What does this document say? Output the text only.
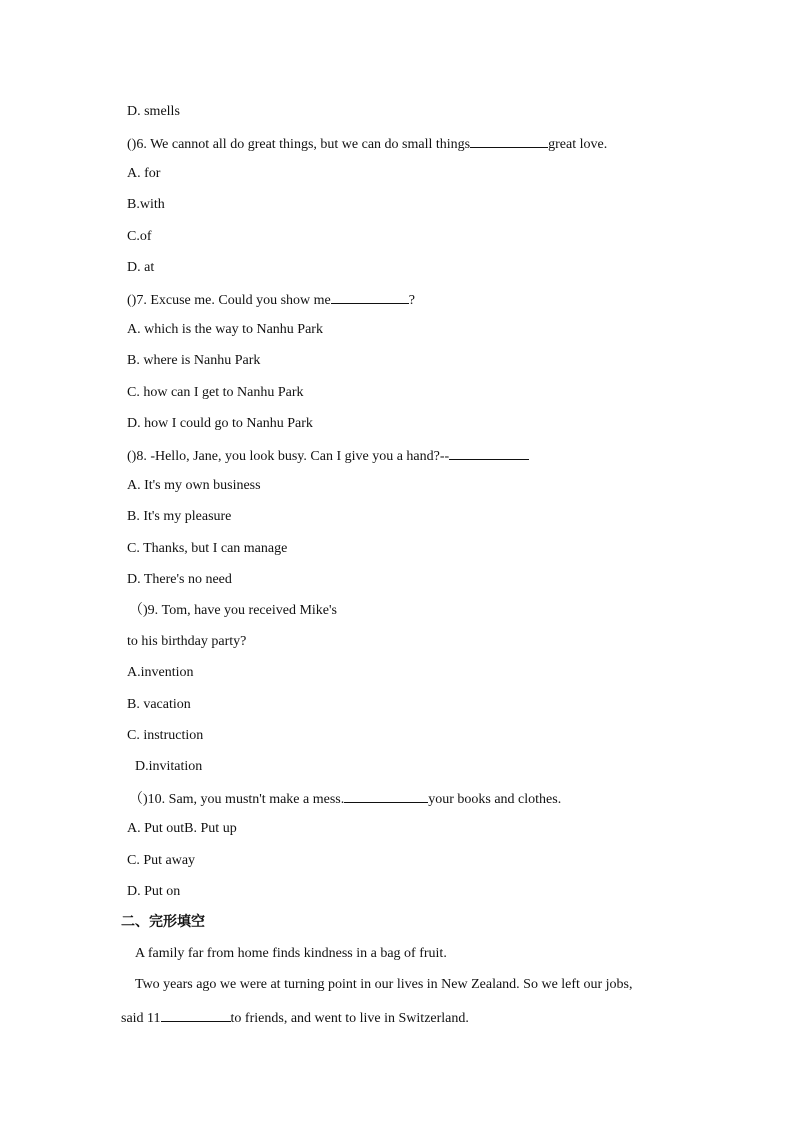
D. smells
()6. We cannot all do great things, but we can do small things	great love.
A. for
B.with
C.of
D. at
()7. Excuse me. Could you show me	?
A. which is the way to Nanhu Park
B. where is Nanhu Park
C. how can I get to Nanhu Park
D. how I could go to Nanhu Park
()8. -Hello, Jane, you look busy. Can I give you a hand?--
A. It's my own business
B. It's my pleasure
C. Thanks, but I can manage
D. There's no need
（)9. Tom, have you received Mike's
to his birthday party?
A.invention
B. vacation
C. instruction
D.invitation
（)10. Sam, you mustn't make a mess.	your books and clothes.
A. Put outB. Put up
C. Put away
D. Put on
二、完形填空
A family far from home finds kindness in a bag of fruit.
Two years ago we were at turning point in our lives in New Zealand. So we left our jobs,
said 11	to friends, and went to live in Switzerland.
